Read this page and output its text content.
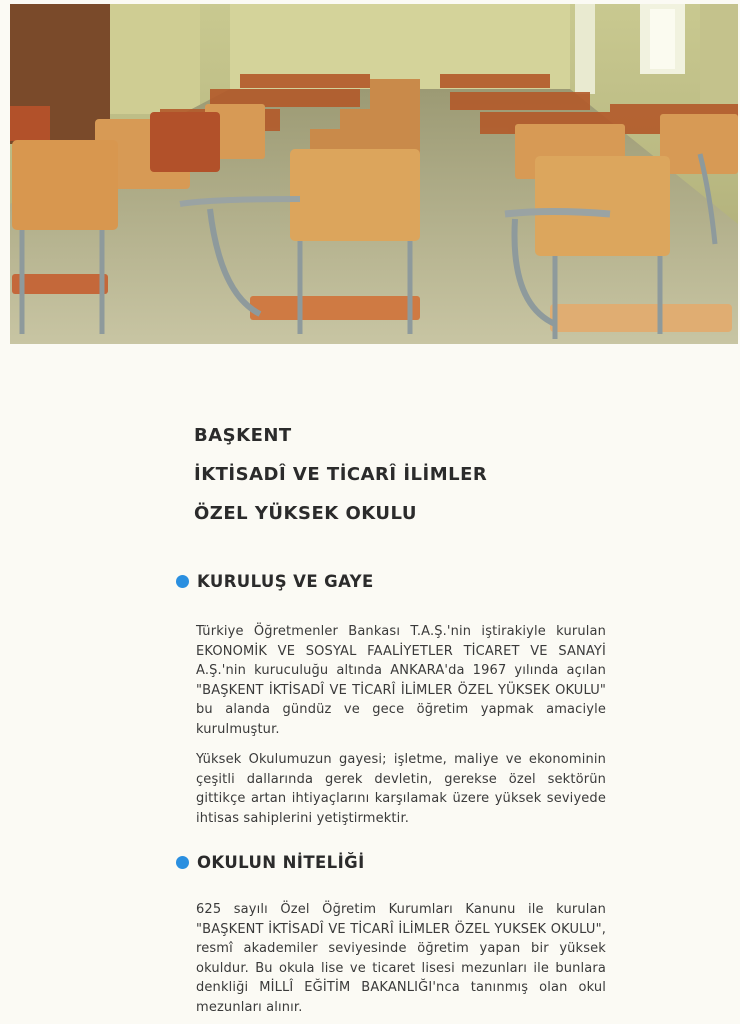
BAŞKENT
İKTİSADÎ VE TİCARÎ İLİMLER
ÖZEL YÜKSEK OKULU
KURULUŞ VE GAYE

Türkiye Öğretmenler Bankası T.A.Ş.'nin iştirakiyle kurulan EKONOMİK VE SOSYAL FAALİYETLER TİCARET VE SANAYİ A.Ş.'nin kuruculuğu altında ANKARA'da 1967 yılında açılan "BAŞKENT İKTİSADÎ VE TİCARÎ İLİMLER ÖZEL YÜKSEK OKULU" bu alanda gündüz ve gece öğretim yapmak amaciyle kurulmuştur.

Yüksek Okulumuzun gayesi; işletme, maliye ve ekonominin çeşitli dallarında gerek devletin, gerekse özel sektörün gittikçe artan ihtiyaçlarını karşılamak üzere yüksek seviyede ihtisas sahiplerini yetiştirmektir.

OKULUN NİTELİĞİ

625 sayılı Özel Öğretim Kurumları Kanunu ile kurulan "BAŞKENT İKTİSADÎ VE TİCARÎ İLİMLER ÖZEL YUKSEK OKULU", resmî akademiler seviyesinde öğretim yapan bir yüksek okuldur. Bu okula lise ve ticaret lisesi mezunları ile bunlara denkliği MİLLÎ EĞİTİM BAKANLIĞI'nca tanınmış olan okul mezunları alınır.
